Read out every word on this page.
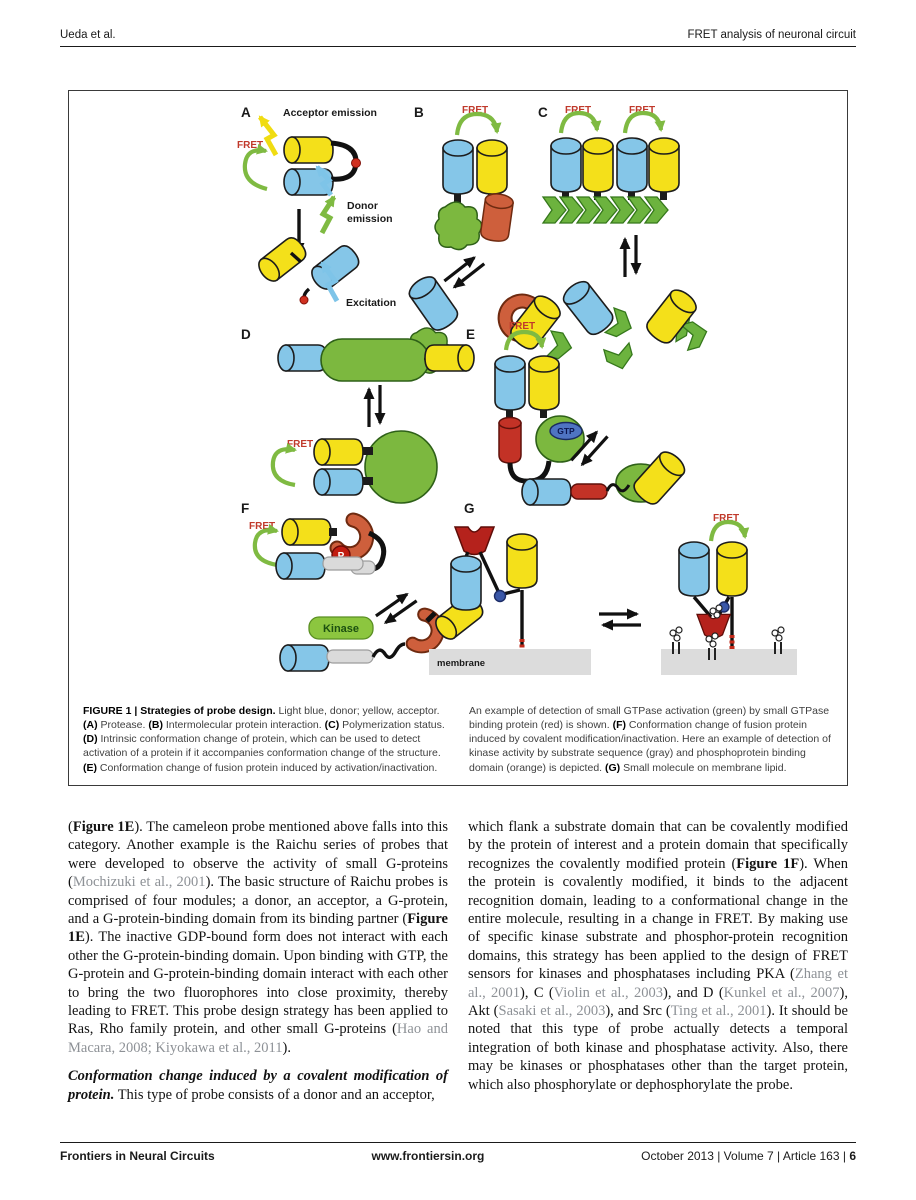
Ueda et al.	FRET analysis of neuronal circuit
A	Acceptor emission
FRET
Donor
emission
Excitation
B	FRET	C FRET	FRET
D
FRET
E
FRET
GTP
F
FRET
Kinase
G
membrane
FRET
FIGURE 1 | Strategies of probe design. Light blue, donor; yellow, acceptor. (A) Protease. (B) Intermolecular protein interaction. (C) Polymerization status. (D) Intrinsic conformation change of protein, which can be used to detect activation of a protein if it accompanies conformation change of the structure. (E) Conformation change of fusion protein induced by activation/inactivation.
An example of detection of small GTPase activation (green) by small GTPase binding protein (red) is shown. (F) Conformation change of fusion protein induced by covalent modification/inactivation. Here an example of detection of kinase activity by substrate sequence (gray) and phosphoprotein binding domain (orange) is depicted. (G) Small molecule on membrane lipid.

(Figure 1E). The cameleon probe mentioned above falls into this category. Another example is the Raichu series of probes that were developed to observe the activity of small G-proteins (Mochizuki et al., 2001). The basic structure of Raichu probes is comprised of four modules; a donor, an acceptor, a G-protein, and a G-protein-binding domain from its binding partner (Figure 1E). The inactive GDP-bound form does not interact with each other the G-protein-binding domain. Upon binding with GTP, the G-protein and G-protein-binding domain interact with each other to bring the two fluorophores into close proximity, thereby leading to FRET. This probe design strategy has been applied to Ras, Rho family protein, and other small G-proteins (Hao and Macara, 2008; Kiyokawa et al., 2011).

Conformation change induced by a covalent modification of protein. This type of probe consists of a donor and an acceptor,

which flank a substrate domain that can be covalently modified by the protein of interest and a protein domain that specifically recognizes the covalently modified protein (Figure 1F). When the protein is covalently modified, it binds to the adjacent recognition domain, leading to a conformational change in the entire molecule, resulting in a change in FRET. By making use of specific kinase substrate and phosphor-protein recognition domains, this strategy has been applied to the design of FRET sensors for kinases and phosphatases including PKA (Zhang et al., 2001), C (Violin et al., 2003), and D (Kunkel et al., 2007), Akt (Sasaki et al., 2003), and Src (Ting et al., 2001). It should be noted that this type of probe actually detects a temporal integration of both kinase and phosphatase activity. Also, there may be kinases or phosphatases other than the target protein, which also phosphorylate or dephosphorylate the probe.

Frontiers in Neural Circuits	www.frontiersin.org	October 2013 | Volume 7 | Article 163 | 6
